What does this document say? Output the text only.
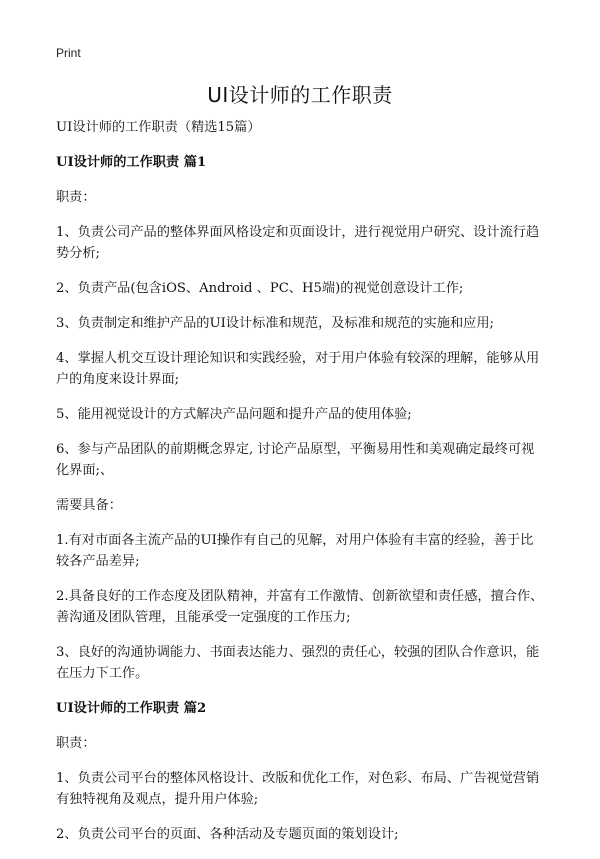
Print
UI设计师的工作职责

UI设计师的工作职责（精选15篇）

UI设计师的工作职责 篇1

职责：

1、负责公司产品的整体界面风格设定和页面设计，进行视觉用户研究、设计流行趋势分析;

2、负责产品(包含iOS、Android 、PC、H5端)的视觉创意设计工作;

3、负责制定和维护产品的UI设计标准和规范，及标准和规范的实施和应用;

4、掌握人机交互设计理论知识和实践经验，对于用户体验有较深的理解，能够从用户的角度来设计界面;

5、能用视觉设计的方式解决产品问题和提升产品的使用体验;

6、参与产品团队的前期概念界定, 讨论产品原型，平衡易用性和美观确定最终可视化界面;、

需要具备：

1.有对市面各主流产品的UI操作有自己的见解，对用户体验有丰富的经验，善于比较各产品差异;

2.具备良好的工作态度及团队精神，并富有工作激情、创新欲望和责任感，擅合作、善沟通及团队管理，且能承受一定强度的工作压力;

3、良好的沟通协调能力、书面表达能力、强烈的责任心，较强的团队合作意识，能在压力下工作。

UI设计师的工作职责 篇2

职责：

1、负责公司平台的整体风格设计、改版和优化工作，对色彩、布局、广告视觉营销有独特视角及观点，提升用户体验;

2、负责公司平台的页面、各种活动及专题页面的策划设计;
